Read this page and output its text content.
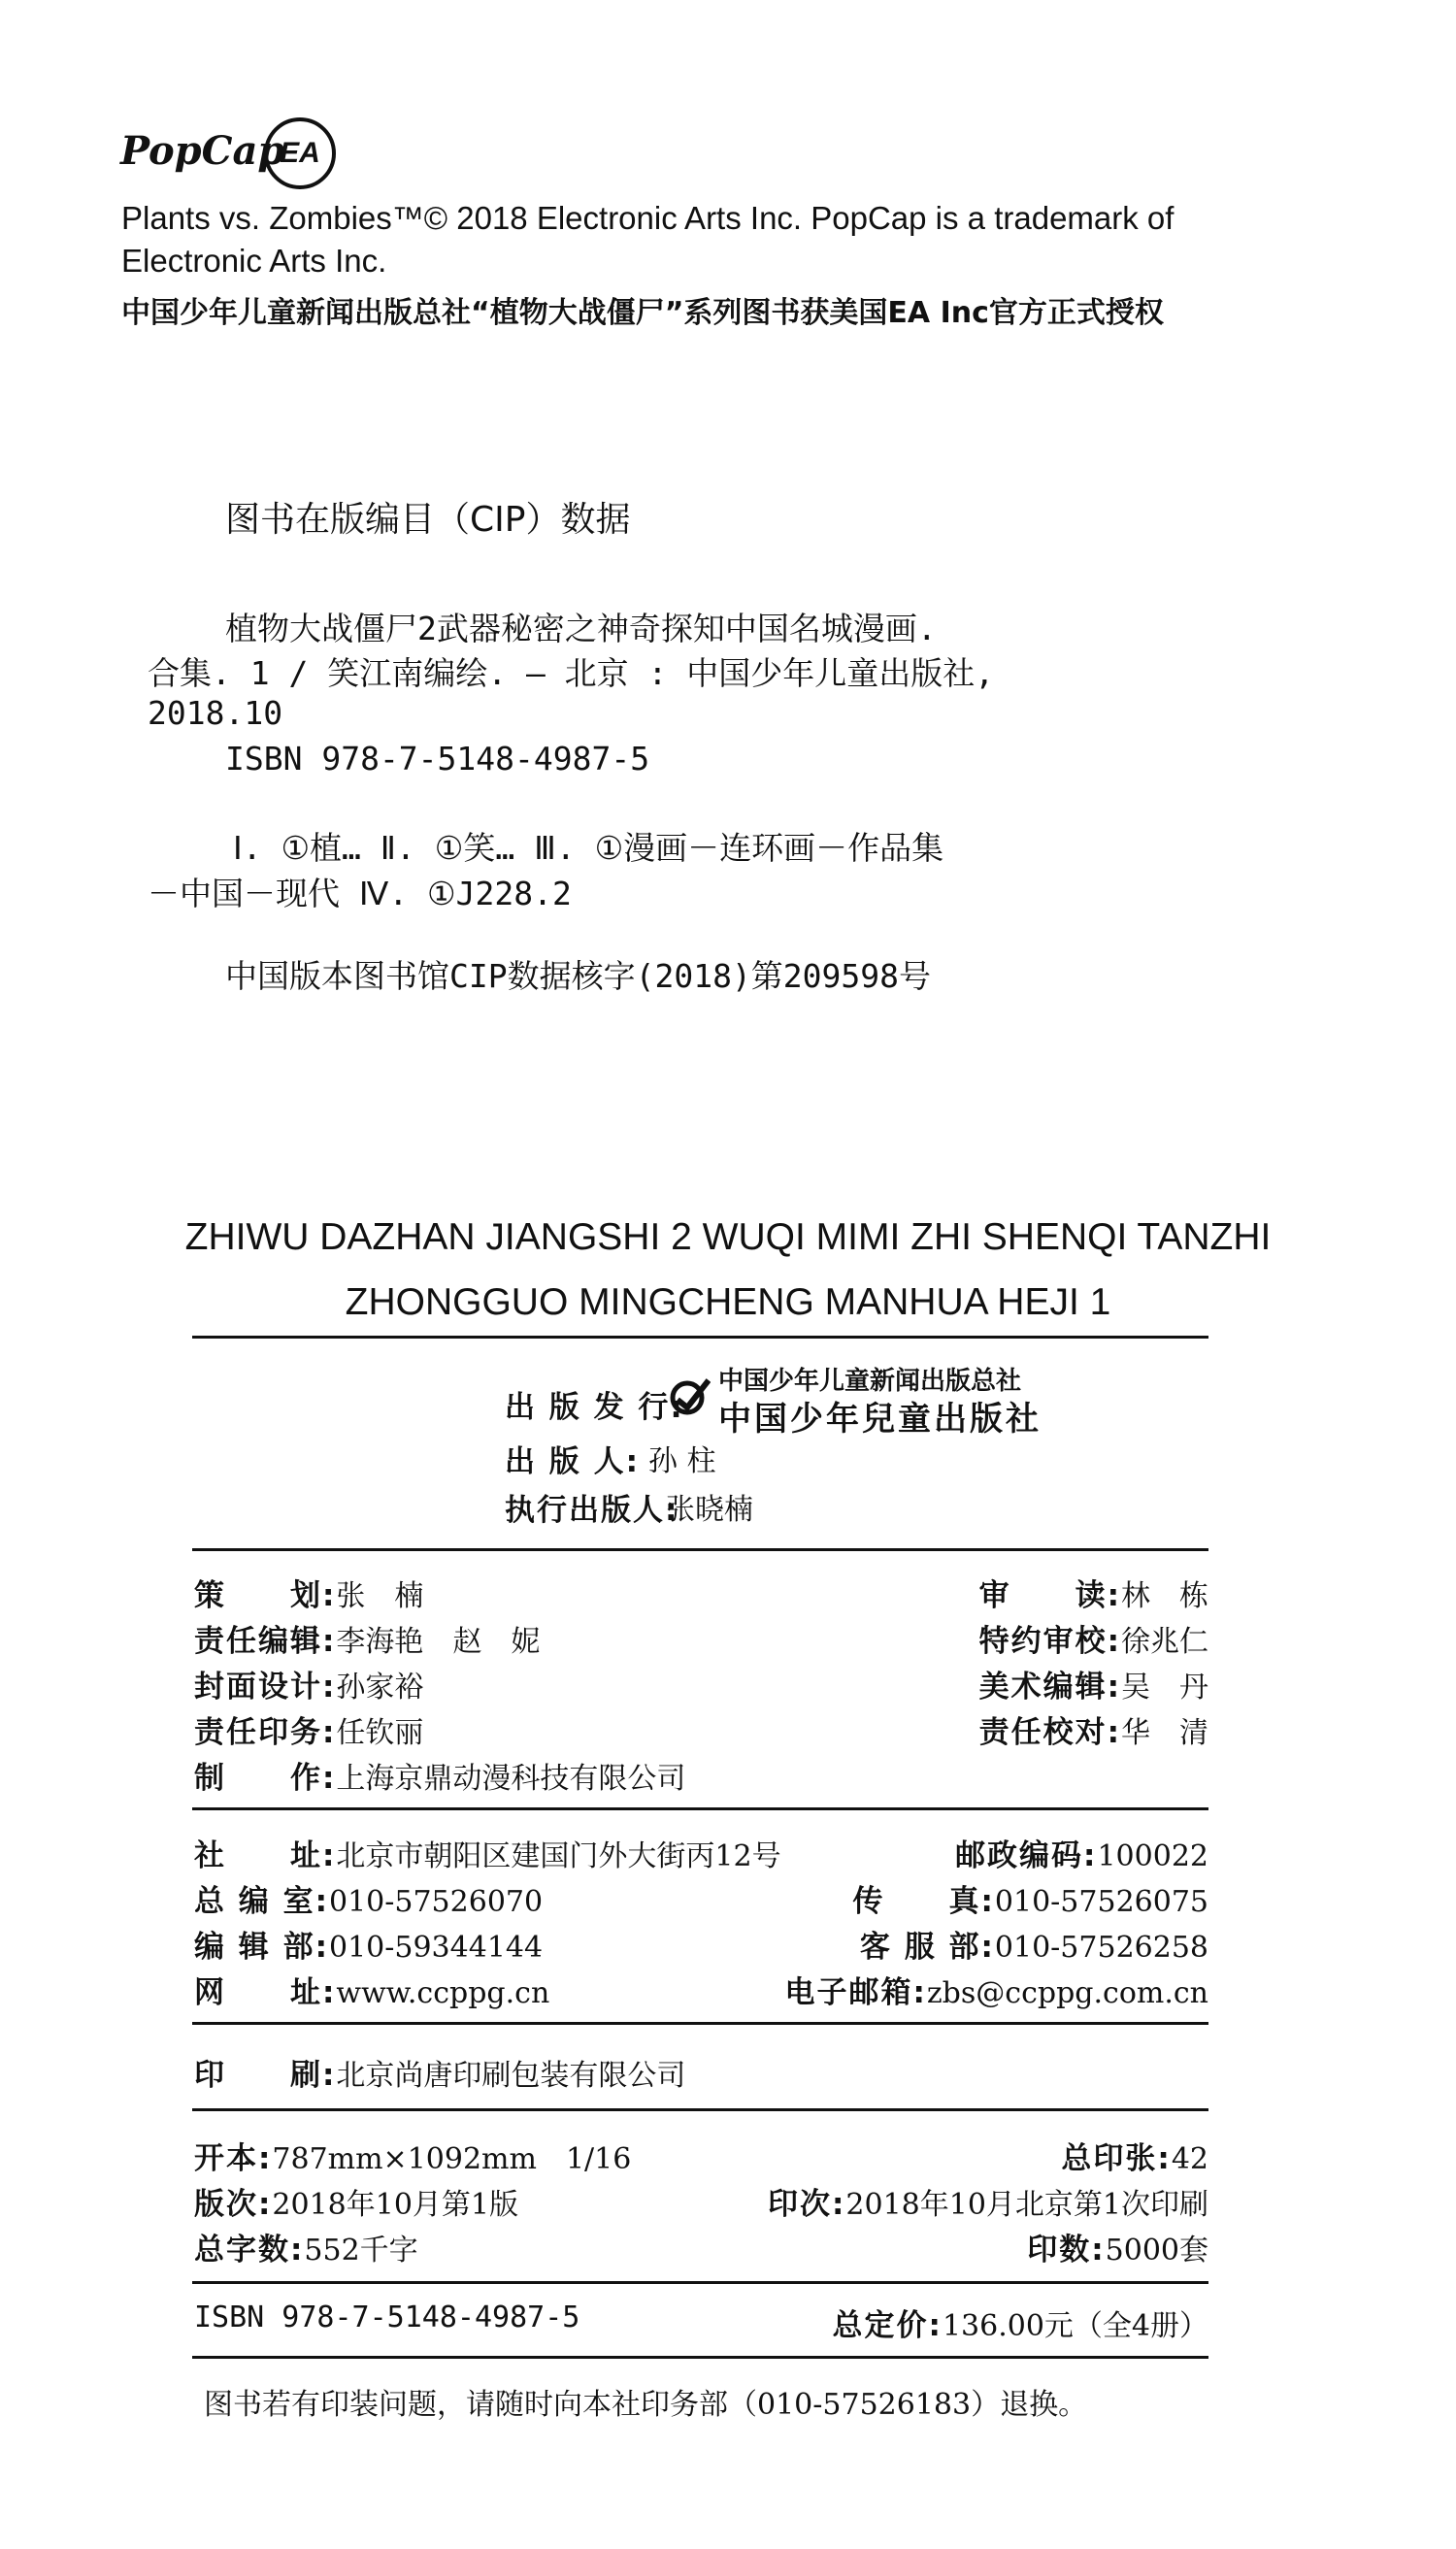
PopCap
EA
Plants vs. Zombies™© 2018 Electronic Arts Inc. PopCap is a trademark of
Electronic Arts Inc.
中国少年儿童新闻出版总社“植物大战僵尸”系列图书获美国EA Inc官方正式授权
图书在版编目（CIP）数据
植物大战僵尸2武器秘密之神奇探知中国名城漫画.
合集. 1 / 笑江南编绘. — 北京 : 中国少年儿童出版社,
2018.10
ISBN 978-7-5148-4987-5
Ⅰ. ①植… Ⅱ. ①笑… Ⅲ. ①漫画－连环画－作品集
－中国－现代 Ⅳ. ①J228.2
中国版本图书馆CIP数据核字(2018)第209598号
ZHIWU DAZHAN JIANGSHI 2 WUQI MIMI ZHI SHENQI TANZHI
ZHONGGUO MINGCHENG MANHUA HEJI 1
出 版 发 行:
中国少年儿童新闻出版总社
中国少年兒童出版社
出 版 人: 孙 柱
执行出版人:
张晓楠
策　　划:张　楠	审　　读:林　栋
责任编辑:李海艳　赵　妮	特约审校:徐兆仁
封面设计:孙家裕	美术编辑:吴　丹
责任印务:任钦丽	责任校对:华　清
制　　作:上海京鼎动漫科技有限公司
社　　址:北京市朝阳区建国门外大街丙12号	邮政编码:100022
总 编 室:010-57526070	传　　真:010-57526075
编 辑 部:010-59344144	客 服 部:010-57526258
网　　址:www.ccppg.cn	电子邮箱:zbs@ccppg.com.cn
印　　刷:北京尚唐印刷包装有限公司
开本:787mm×1092mm　1/16	总印张:42
版次:2018年10月第1版	印次:2018年10月北京第1次印刷
总字数:552千字	印数:5000套
ISBN 978-7-5148-4987-5	总定价:136.00元（全4册）
图书若有印装问题，请随时向本社印务部（010-57526183）退换。
